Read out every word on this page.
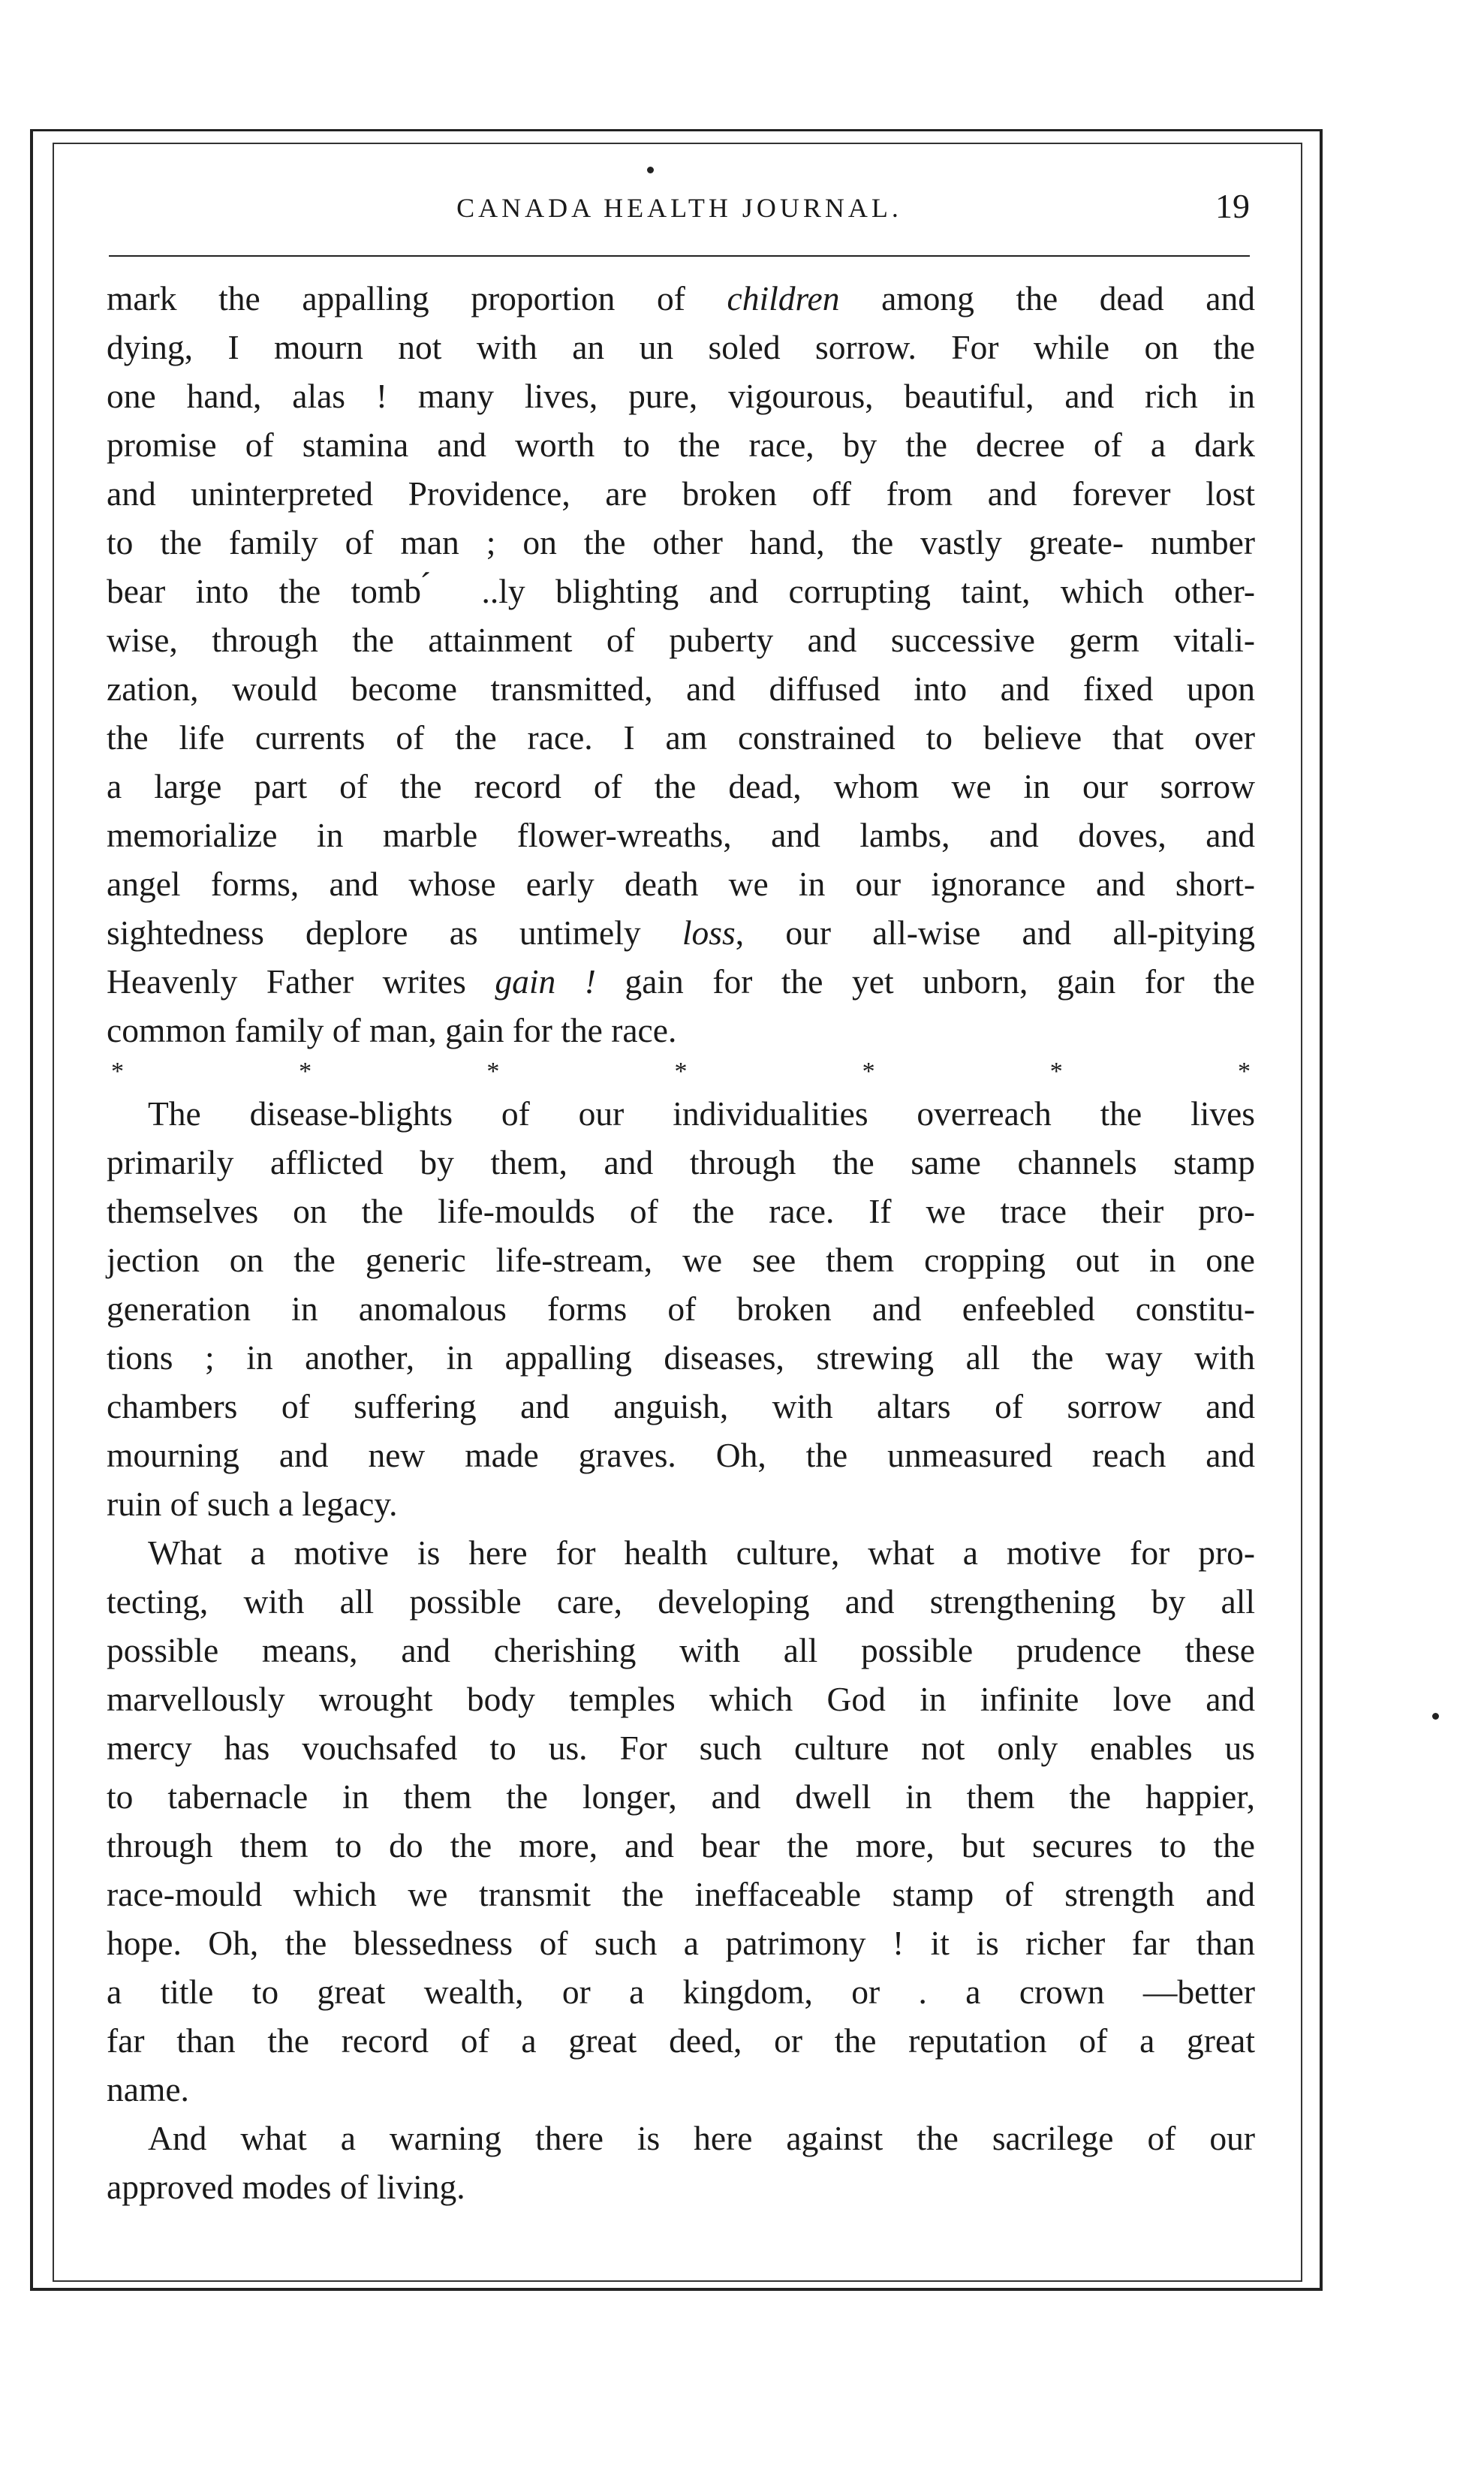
CANADA HEALTH JOURNAL.	19
mark the appalling proportion of children among the dead and
dying, I mourn not with an un soled sorrow. For while on the
one hand, alas ! many lives, pure, vigourous, beautiful, and rich in
promise of stamina and worth to the race, by the decree of a dark
and uninterpreted Providence, are broken off from and forever lost
to the family of man ; on the other hand, the vastly greate- number
bear into the tomb ́ ..ly blighting and corrupting taint, which other-
wise, through the attainment of puberty and successive germ vitali-
zation, would become transmitted, and diffused into and fixed upon
the life currents of the race. I am constrained to believe that over
a large part of the record of the dead, whom we in our sorrow
memorialize in marble flower-wreaths, and lambs, and doves, and
angel forms, and whose early death we in our ignorance and short-
sightedness deplore as untimely loss, our all-wise and all-pitying
Heavenly Father writes gain ! gain for the yet unborn, gain for the
common family of man, gain for the race.
*	*	*	*	*	*	*
The disease-blights of our individualities overreach the lives
primarily afflicted by them, and through the same channels stamp
themselves on the life-moulds of the race. If we trace their pro-
jection on the generic life-stream, we see them cropping out in one
generation in anomalous forms of broken and enfeebled constitu-
tions ; in another, in appalling diseases, strewing all the way with
chambers of suffering and anguish, with altars of sorrow and
mourning and new made graves. Oh, the unmeasured reach and
ruin of such a legacy.
What a motive is here for health culture, what a motive for pro-
tecting, with all possible care, developing and strengthening by all
possible means, and cherishing with all possible prudence these
marvellously wrought body temples which God in infinite love and
mercy has vouchsafed to us. For such culture not only enables us
to tabernacle in them the longer, and dwell in them the happier,
through them to do the more, and bear the more, but secures to the
race-mould which we transmit the ineffaceable stamp of strength and
hope. Oh, the blessedness of such a patrimony ! it is richer far than
a title to great wealth, or a kingdom, or . a crown —better
far than the record of a great deed, or the reputation of a great
name.
And what a warning there is here against the sacrilege of our
approved modes of living.
